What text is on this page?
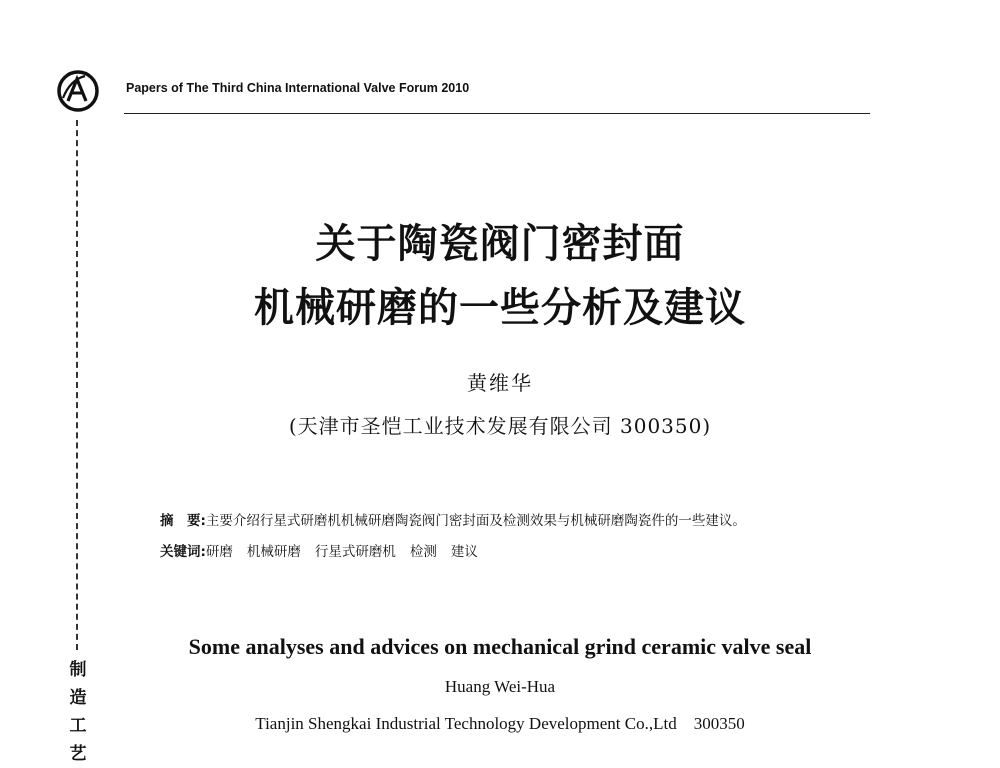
Papers of The Third China International Valve Forum 2010
制
造
工
艺
关于陶瓷阀门密封面
机械研磨的一些分析及建议
黄维华
(天津市圣恺工业技术发展有限公司 300350)
摘　要:主要介绍行星式研磨机机械研磨陶瓷阀门密封面及检测效果与机械研磨陶瓷件的一些建议。
关键词:研磨 机械研磨 行星式研磨机 检测 建议
Some analyses and advices on mechanical grind ceramic valve seal
Huang Wei-Hua
Tianjin Shengkai Industrial Technology Development Co.,Ltd　300350
